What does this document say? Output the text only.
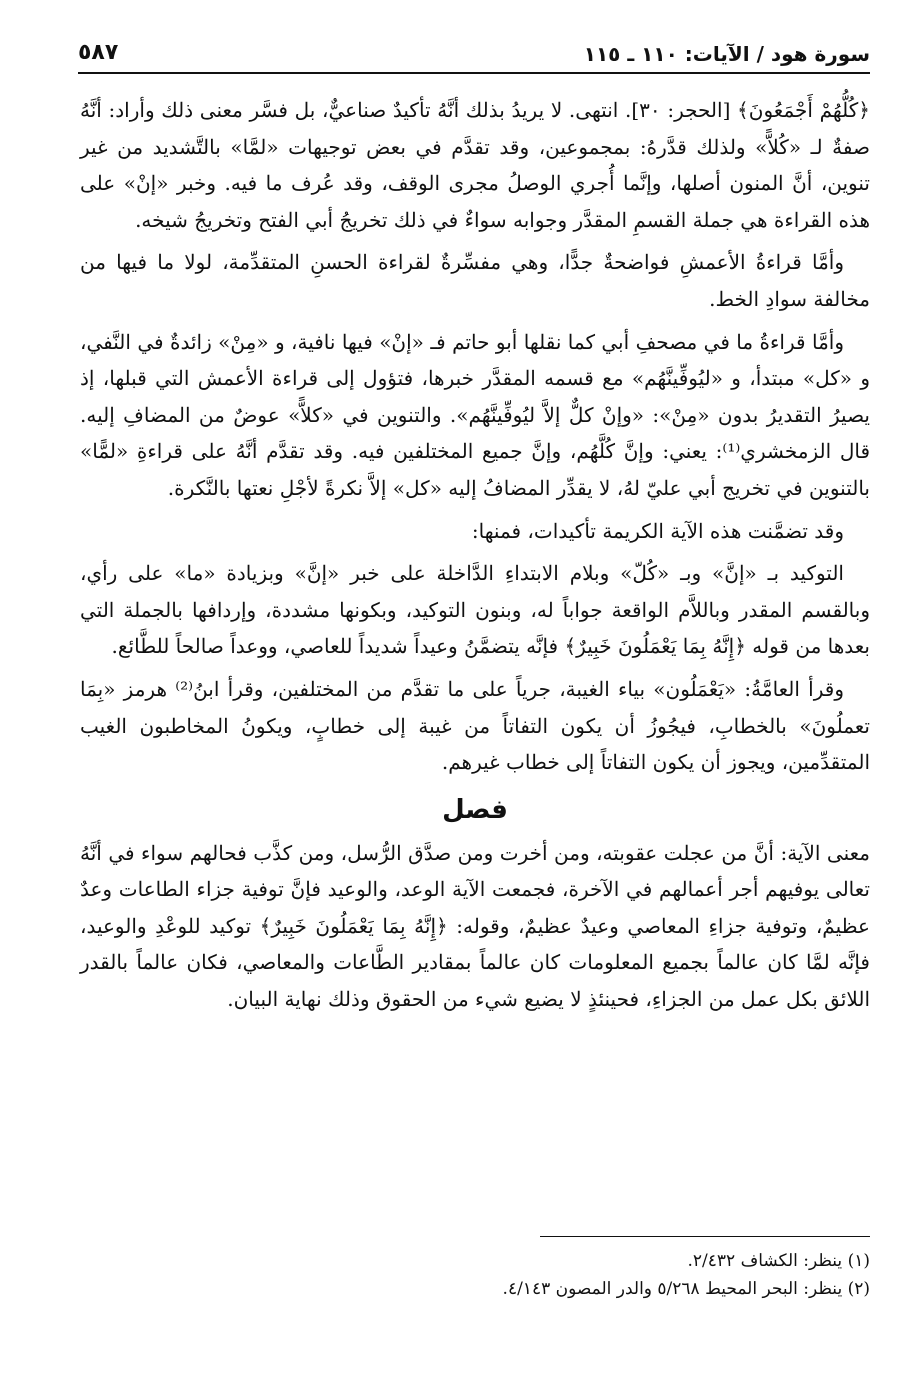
سورة هود / الآيات: ١١٠ ـ ١١٥
٥٨٧

﴿كُلُّهُمْ أَجْمَعُونَ﴾ [الحجر: ٣٠]. انتهى. لا يريدُ بذلك أنَّهُ تأكيدٌ صناعيٌّ، بل فسَّر معنى ذلك وأراد: أنَّهُ صفةٌ لـ «كُلاًّ» ولذلك قدَّرهُ: بمجموعين، وقد تقدَّم في بعض توجيهات «لمَّا» بالتَّشديد من غير تنوين، أنَّ المنون أصلها، وإنَّما أُجري الوصلُ مجرى الوقف، وقد عُرف ما فيه. وخبر «إنْ» على هذه القراءة هي جملة القسمِ المقدَّر وجوابه سواءٌ في ذلك تخريجُ أبي الفتح وتخريجُ شيخه.

وأمَّا قراءةُ الأعمشِ فواضحةٌ جدًّا، وهي مفسِّرةٌ لقراءة الحسنِ المتقدِّمة، لولا ما فيها من مخالفة سوادِ الخط.

وأمَّا قراءةُ ما في مصحفِ أبي كما نقلها أبو حاتم فـ «إنْ» فيها نافية، و «مِنْ» زائدةٌ في النَّفي، و «كل» مبتدأ، و «ليُوفِّينَّهُم» مع قسمه المقدَّر خبرها، فتؤول إلى قراءة الأعمش التي قبلها، إذ يصيرُ التقديرُ بدون «مِنْ»: «وإنْ كلٌّ إلاَّ ليُوفِّينَّهُم». والتنوين في «كلاًّ» عوضٌ من المضافِ إليه. قال الزمخشري⁽¹⁾: يعني: وإنَّ كُلَّهُم، وإنَّ جميع المختلفين فيه. وقد تقدَّم أنَّهُ على قراءةِ «لمًّا» بالتنوين في تخريج أبي عليّ لهُ، لا يقدِّر المضافُ إليه «كل» إلاَّ نكرةً لأجْلِ نعتها بالنَّكرة.

وقد تضمَّنت هذه الآية الكريمة تأكيدات، فمنها:

التوكيد بـ «إنَّ» وبـ «كُلّ» وبلام الابتداءِ الدَّاخلة على خبر «إنَّ» وبزيادة «ما» على رأي، وبالقسم المقدر وباللاَّم الواقعة جواباً له، وبنون التوكيد، وبكونها مشددة، وإردافها بالجملة التي بعدها من قوله ﴿إِنَّهُ بِمَا يَعْمَلُونَ خَبِيرٌ﴾ فإنَّه يتضمَّنُ وعيداً شديداً للعاصي، ووعداً صالحاً للطَّائع.

وقرأ العامَّةُ: «يَعْمَلُون» بياء الغيبة، جرياً على ما تقدَّم من المختلفين، وقرأ ابنُ⁽²⁾ هرمز «بِمَا تعملُونَ» بالخطابِ، فيجُوزُ أن يكون التفاتاً من غيبة إلى خطابٍ، ويكونُ المخاطبون الغيب المتقدِّمين، ويجوز أن يكون التفاتاً إلى خطاب غيرهم.

فصل

معنى الآية: أنَّ من عجلت عقوبته، ومن أخرت ومن صدَّق الرُّسل، ومن كذَّب فحالهم سواء في أنَّهُ تعالى يوفيهم أجر أعمالهم في الآخرة، فجمعت الآية الوعد، والوعيد فإنَّ توفية جزاء الطاعات وعدٌ عظيمٌ، وتوفية جزاءِ المعاصي وعيدٌ عظيمٌ، وقوله: ﴿إِنَّهُ بِمَا يَعْمَلُونَ خَبِيرٌ﴾ توكيد للوعْدِ والوعيد، فإنَّه لمَّا كان عالماً بجميع المعلومات كان عالماً بمقادير الطَّاعات والمعاصي، فكان عالماً بالقدر اللائق بكل عمل من الجزاءِ، فحينئذٍ لا يضيع شيء من الحقوق وذلك نهاية البيان.

(١) ينظر: الكشاف ٢/٤٣٢.

(٢) ينظر: البحر المحيط ٥/٢٦٨ والدر المصون ٤/١٤٣.
